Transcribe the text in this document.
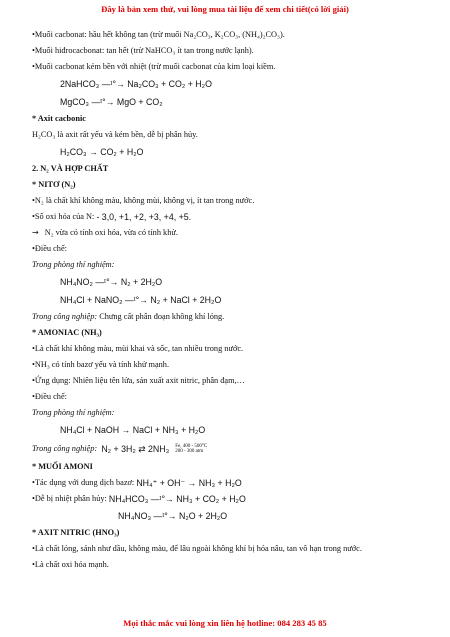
Đây là bản xem thử, vui lòng mua tài liệu để xem chi tiết(có lời giải)
• Muối cacbonat: hầu hết không tan (trừ muối Na₂CO₃, K₂CO₃, (NH₄)₂CO₃).
• Muối hiđrocacbonat: tan hết (trừ NaHCO₃ ít tan trong nước lạnh).
• Muối cacbonat kém bền với nhiệt (trừ muối cacbonat của kim loại kiềm.
2NaHCO₃ —ᵗ°→ Na₂CO₃ + CO₂ + H₂O
MgCO₃ —ᵗ°→ MgO + CO₂
* Axit cacbonic
H₂CO₃ là axit rất yếu và kém bền, dễ bị phân hủy.
H₂CO₃ → CO₂ + H₂O
2. N₂ VÀ HỢP CHẤT
* NITƠ (N₂)
• N₂ là chất khí không màu, không mùi, không vị, ít tan trong nước.
• Số oxi hóa của N:
- 3,0, +1, +2, +3, +4, +5.
→ N₂ vừa có tính oxi hóa, vừa có tính khử.
• Điều chế:
Trong phòng thí nghiệm:
NH₄NO₂ —ᵗ°→ N₂ + 2H₂O
NH₄Cl + NaNO₂ —ᵗ°→ N₂ + NaCl + 2H₂O
Trong công nghiệp:
Chưng cất phân đoạn không khí lỏng.
* AMONIAC (NH₃)
• Là chất khí không màu, mùi khai và sốc, tan nhiều trong nước.
• NH₃ có tính bazơ yếu và tính khử mạnh.
• Ứng dụng: Nhiên liệu tên lửa, sản xuất axit nitric, phân đạm,…
• Điều chế:
Trong phòng thí nghiệm:
NH₄Cl + NaOH → NaCl + NH₃ + H₂O
Trong công nghiệp:
N₂ + 3H₂ ⇄ 2NH₃ Fe, 400 - 500°C
200 - 300 atm
* MUỐI AMONI
• Tác dụng với dung dịch bazơ:
NH₄⁺ + OH⁻ → NH₃ + H₂O
• Dễ bị nhiệt phân hủy:
NH₄HCO₃ —ᵗ°→ NH₃ + CO₂ + H₂O
NH₄NO₃ —ᵗ°→ N₂O + 2H₂O
* AXIT NITRIC (HNO₃)
• Là chất lỏng, sánh như dầu, không màu, để lâu ngoài không khí bị hóa nâu, tan vô hạn trong nước.
• Là chất oxi hóa mạnh.
Mọi thắc mắc vui lòng xin liên hệ hotline: 084 283 45 85
